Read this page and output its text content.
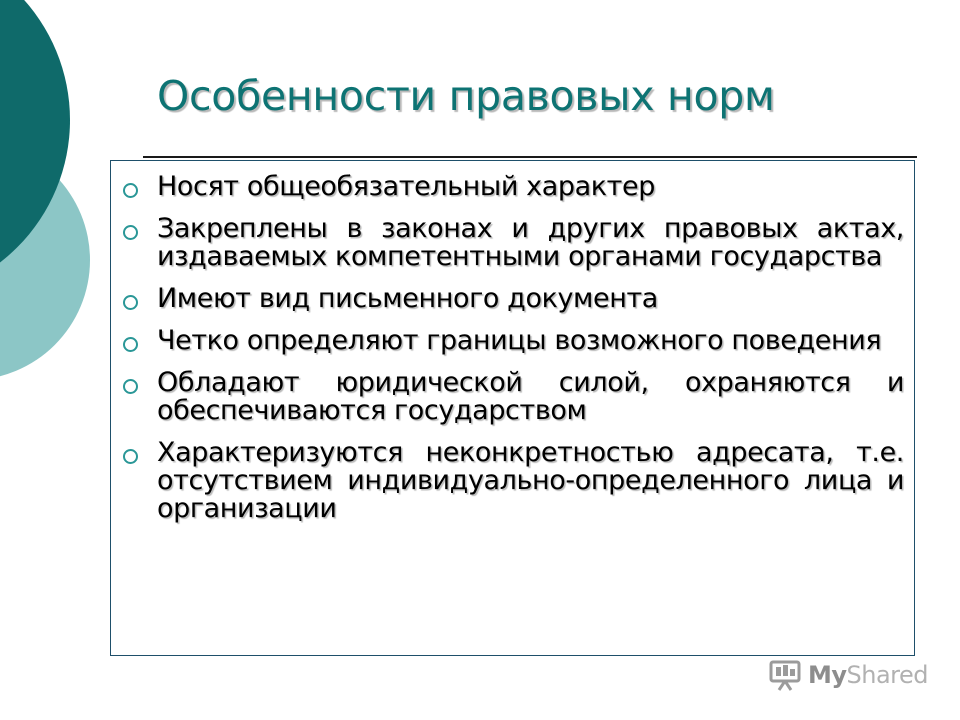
Особенности правовых норм
Носят общеобязательный характер
Закреплены в законах и других правовых актах, издаваемых компетентными органами государства
Имеют вид письменного документа
Четко определяют границы возможного поведения
Обладают юридической силой, охраняются и обеспечиваются государством
Характеризуются неконкретностью адресата, т.е. отсутствием индивидуально-определенного лица и организации
MyShared
